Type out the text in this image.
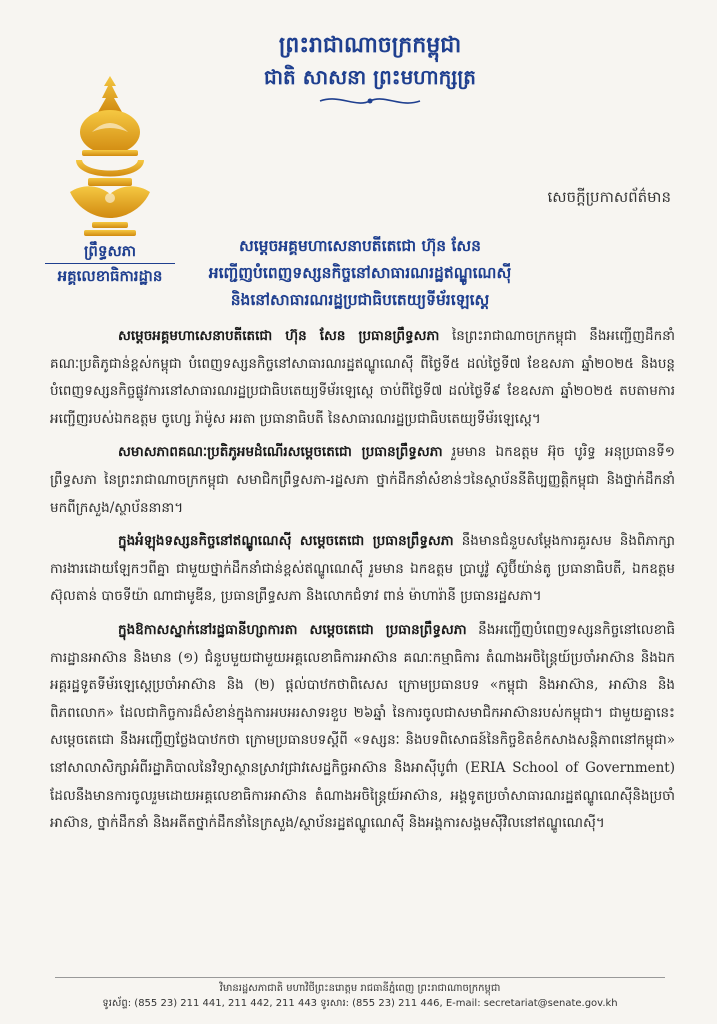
ព្រះរាជាណាចក្រកម្ពុជា
ជាតិ សាសនា ព្រះមហាក្សត្រ
ព្រឹទ្ធសភា
អគ្គលេខាធិការដ្ឋាន
សេចក្ដីប្រកាសព័ត៌មាន
សម្តេចអគ្គមហាសេនាបតីតេជោ ហ៊ុន សែន
អញ្ជើញបំពេញទស្សនកិច្ចនៅសាធារណរដ្ឋឥណ្ឌូណេស៊ី
និងនៅសាធារណរដ្ឋប្រជាធិបតេយ្យទីម័រឡេស្តេ

សម្តេចអគ្គមហាសេនាបតីតេជោ ហ៊ុន សែន ប្រធានព្រឹទ្ធសភា នៃព្រះរាជាណាចក្រកម្ពុជា នឹងអញ្ជើញដឹកនាំគណៈប្រតិភូជាន់ខ្ពស់កម្ពុជា បំពេញទស្សនកិច្ចនៅសាធារណរដ្ឋឥណ្ឌូណេស៊ី ពីថ្ងៃទី៥ ដល់ថ្ងៃទី៧ ខែឧសភា ឆ្នាំ២០២៥ និងបន្តបំពេញទស្សនកិច្ចផ្លូវការនៅសាធារណរដ្ឋប្រជាធិបតេយ្យទីម័រឡេស្តេ ចាប់ពីថ្ងៃទី៧ ដល់ថ្ងៃទី៩ ខែឧសភា ឆ្នាំ២០២៥ តបតាមការអញ្ជើញរបស់ឯកឧត្តម ចូហ្សេ រ៉ាម៉ូស អរតា ប្រធានាធិបតី នៃសាធារណរដ្ឋប្រជាធិបតេយ្យទីម័រឡេស្តេ។

សមាសភាពគណៈប្រតិភូអមដំណើរសម្តេចតេជោ ប្រធានព្រឹទ្ធសភា រួមមាន ឯកឧត្តម អ៊ុច បូរិទ្ធ អនុប្រធានទី១ ព្រឹទ្ធសភា នៃព្រះរាជាណាចក្រកម្ពុជា សមាជិកព្រឹទ្ធសភា-រដ្ឋសភា ថ្នាក់ដឹកនាំសំខាន់ៗនៃស្ថាប័ននីតិប្បញ្ញត្តិកម្ពុជា និងថ្នាក់ដឹកនាំមកពីក្រសួង/ស្ថាប័ននានា។

ក្នុងអំឡុងទស្សនកិច្ចនៅឥណ្ឌូណេស៊ី សម្តេចតេជោ ប្រធានព្រឹទ្ធសភា នឹងមានជំនួបសម្តែងការគួរសម និងពិភាក្សាការងារដោយឡែកៗពីគ្នា ជាមួយថ្នាក់ដឹកនាំជាន់ខ្ពស់ឥណ្ឌូណេស៊ី រួមមាន ឯកឧត្តម ប្រាបូវ៉ូ ស៊ូប៊ីយ៉ាន់តូ ប្រធានាធិបតី, ឯកឧត្តម ស៊ុលតាន់ បាចទីយ៉ា ណាជាមូឌីន, ប្រធានព្រឹទ្ធសភា និងលោកជំទាវ ពាន់ ម៉ាហារ៉ានី ប្រធានរដ្ឋសភា។

ក្នុងឱកាសស្នាក់នៅរដ្ឋធានីហ្សាការតា សម្តេចតេជោ ប្រធានព្រឹទ្ធសភា នឹងអញ្ជើញបំពេញទស្សនកិច្ចនៅលេខាធិការដ្ឋានអាស៊ាន និងមាន (១) ជំនួបមួយជាមួយអគ្គលេខាធិការអាស៊ាន គណៈកម្មាធិការ តំណាងអចិន្ត្រៃយ៍ប្រចាំអាស៊ាន និងឯកអគ្គរដ្ឋទូតទីម័រឡេស្តេប្រចាំអាស៊ាន និង (២) ផ្តល់បាឋកថាពិសេស ក្រោមប្រធានបទ «កម្ពុជា និងអាស៊ាន, អាស៊ាន និងពិភពលោក» ដែលជាកិច្ចការដ៏សំខាន់ក្នុងការអបអរសាទរខួប ២៦ឆ្នាំ នៃការចូលជាសមាជិកអាស៊ានរបស់កម្ពុជា។ ជាមួយគ្នានេះ សម្តេចតេជោ នឹងអញ្ជើញថ្លែងបាឋកថា ក្រោមប្រធានបទស្តីពី «ទស្សនៈ និងបទពិសោធន៍នៃកិច្ចខិតខំកសាងសន្តិភាពនៅកម្ពុជា» នៅសាលាសិក្សាអំពីរដ្ឋាភិបាលនៃវិទ្យាស្ថានស្រាវជ្រាវសេដ្ឋកិច្ចអាស៊ាន និងអាស៊ីបូព៌ា (ERIA School of Government) ដែលនឹងមានការចូលរួមដោយអគ្គលេខាធិការអាស៊ាន តំណាងអចិន្ត្រៃយ៍អាស៊ាន, អង្គទូតប្រចាំសាធារណរដ្ឋឥណ្ឌូណេស៊ីនិងប្រចាំអាស៊ាន, ថ្នាក់ដឹកនាំ និងអតីតថ្នាក់ដឹកនាំនៃក្រសួង/ស្ថាប័នរដ្ឋឥណ្ឌូណេស៊ី និងអង្គការសង្គមស៊ីវិលនៅឥណ្ឌូណេស៊ី។

វិមានរដ្ឋសភាជាតិ មហាវិថីព្រះនរោត្តម រាជធានីភ្នំពេញ ព្រះរាជាណាចក្រកម្ពុជា
ទូរស័ព្ទ: (855 23) 211 441, 211 442, 211 443 ទូរសារ: (855 23) 211 446, E-mail: secretariat@senate.gov.kh
